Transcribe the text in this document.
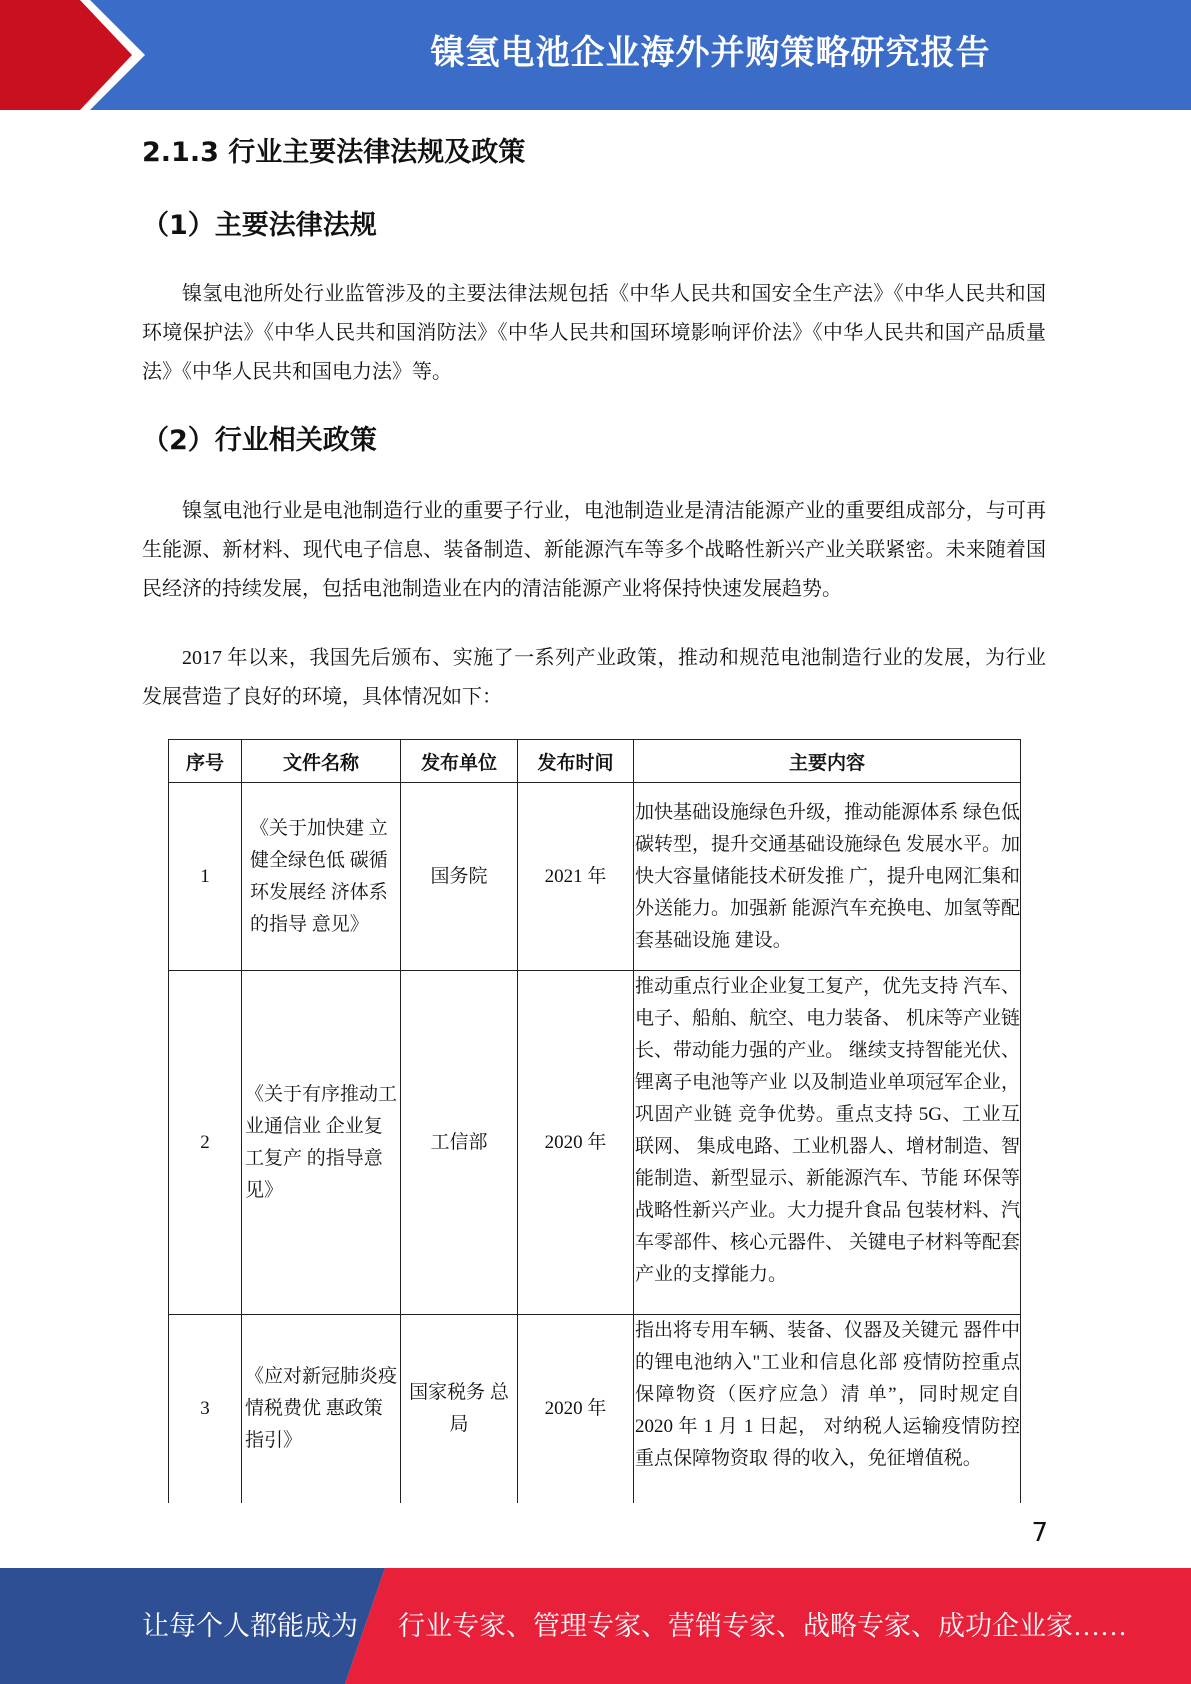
镍氢电池企业海外并购策略研究报告
2.1.3 行业主要法律法规及政策
（1）主要法律法规

镍氢电池所处行业监管涉及的主要法律法规包括《中华人民共和国安全生产法》《中华人民共和国环境保护法》《中华人民共和国消防法》《中华人民共和国环境影响评价法》《中华人民共和国产品质量法》《中华人民共和国电力法》等。

（2）行业相关政策

镍氢电池行业是电池制造行业的重要子行业，电池制造业是清洁能源产业的重要组成部分，与可再生能源、新材料、现代电子信息、装备制造、新能源汽车等多个战略性新兴产业关联紧密。未来随着国民经济的持续发展，包括电池制造业在内的清洁能源产业将保持快速发展趋势。

2017 年以来，我国先后颁布、实施了一系列产业政策，推动和规范电池制造行业的发展，为行业发展营造了良好的环境，具体情况如下：

序号	文件名称	发布单位	发布时间	主要内容
1	《关于加快建 立健全绿色低 碳循环发展经 济体系的指导 意见》	国务院	2021 年	加快基础设施绿色升级，推动能源体系 绿色低碳转型，提升交通基础设施绿色 发展水平。加快大容量储能技术研发推 广，提升电网汇集和外送能力。加强新 能源汽车充换电、加氢等配套基础设施 建设。
2	《关于有序推动工业通信业 企业复工复产 的指导意见》	工信部	2020 年	推动重点行业企业复工复产，优先支持 汽车、电子、船舶、航空、电力装备、 机床等产业链长、带动能力强的产业。 继续支持智能光伏、锂离子电池等产业 以及制造业单项冠军企业，巩固产业链 竞争优势。重点支持 5G、工业互联网、 集成电路、工业机器人、增材制造、智 能制造、新型显示、新能源汽车、节能 环保等战略性新兴产业。大力提升食品 包装材料、汽车零部件、核心元器件、 关键电子材料等配套产业的支撑能力。
3	《应对新冠肺炎疫情税费优 惠政策指引》	国家税务 总局	2020 年	指出将专用车辆、装备、仪器及关键元 器件中的锂电池纳入"工业和信息化部 疫情防控重点保障物资（医疗应急）清 单”，同时规定自 2020 年 1 月 1 日起， 对纳税人运输疫情防控重点保障物资取 得的收入，免征增值税。
7
让每个人都能成为 行业专家、管理专家、营销专家、战略专家、成功企业家……
